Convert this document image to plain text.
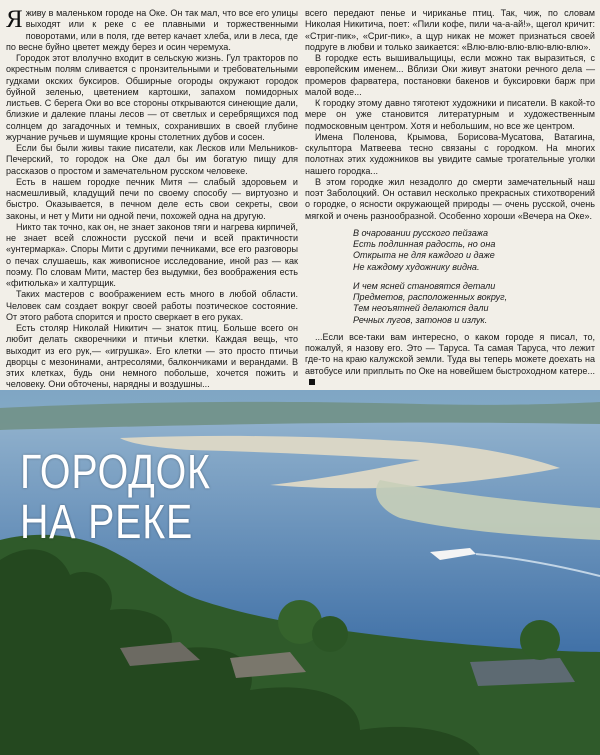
Яживу в маленьком городе на Оке. Он так мал, что все его улицы выходят или к реке с ее плавными и торжественными поворотами, или в поля, где ветер качает хлеба, или в леса, где по весне буйно цветет между берез и осин черемуха.

Городок этот влолучно входит в сельскую жизнь. Гул тракторов по окрестным полям сливается с пронзительными и требовательными гудками окских буксиров. Обширные огороды окружают городок буйной зеленью, цветением картошки, запахом помидорных листьев. С берега Оки во все стороны открываются синеющие дали, близкие и далекие планы лесов — от светлых и серебрящихся под солнцем до загадочных и темных, сохранивших в своей глубине журчание ручьев и шумящие кроны столетних дубов и сосен.

Если бы были живы такие писатели, как Лесков или Мельников-Печерский, то городок на Оке дал бы им богатую пищу для рассказов о простом и замечательном русском человеке.

Есть в нашем городке печник Митя — слабый здоровьем и насмешливый, кладущий печи по своему способу — виртуозно и быстро. Оказывается, в печном деле есть свои секреты, свои законы, и нет у Мити ни одной печи, похожей одна на другую.

Никто так точно, как он, не знает законов тяги и нагрева кирпичей, не знает всей сложности русской печи и всей практичности «унтермарка». Споры Мити с другими печниками, все его разговоры о печах слушаешь, как живописное исследование, иной раз — как поэму. По словам Мити, мастер без выдумки, без воображения есть «фитюлька» и халтурщик.

Таких мастеров с воображением есть много в любой области. Человек сам создает вокруг своей работы поэтическое состояние. От этого работа спорится и просто сверкает в его руках.

Есть столяр Николай Никитич — знаток птиц. Больше всего он любит делать скворечники и птичьи клетки. Каждая вещь, что выходит из его рук,— «игрушка». Его клетки — это просто птичьи дворцы с мезонинами, антресолями, балкончиками и верандами. В этих клетках, будь они немного побольше, хочется пожить и человеку. Они обточены, нарядны и воздушны...

всего передают пенье и чириканье птиц. Так, чиж, по словам Николая Никитича, поет: «Пили кофе, пили ча-а-ай!», щегол кричит: «Стриг-пик», «Сриг-пик», а щур никак не может признаться своей подруге в любви и только заикается: «Влю-влю-влю-влю-влю-влю».

В городке есть вышивальщицы, если можно так выразиться, с европейским именем... Вблизи Оки живут знатоки речного дела — промеров фарватера, постановки бакенов и буксировки барж при малой воде...

К городку этому давно тяготеют художники и писатели. В какой-то мере он уже становится литературным и художественным подмосковным центром. Хотя и небольшим, но все же центром.

Имена Поленова, Крымова, Борисова-Мусатова, Ватагина, скульптора Матвеева тесно связаны с городком. На многих полотнах этих художников вы увидите самые трогательные уголки нашего городка...

В этом городке жил незадолго до смерти замечательный наш поэт Заболоцкий. Он оставил несколько прекрасных стихотворений о городке, о ясности окружающей природы — очень русской, очень мягкой и очень разнообразной. Особенно хороши «Вечера на Оке».

В очаровании русского пейзажа
Есть подлинная радость, но она
Открыта не для каждого и даже
Не каждому художнику видна.
И чем ясней становятся детали
Предметов, расположенных вокруг,
Тем неоъятней делаются дали
Речных лугов, затонов и излук.

...Если все-таки вам интересно, о каком городе я писал, то, пожалуй, я назову его. Это — Таруса. Та самая Таруса, что лежит где-то на краю калужской земли. Туда вы теперь можете доехать на автобусе или приплыть по Оке на новейшем быстроходном катере...

ГОРОДОК
НА РЕКЕ
